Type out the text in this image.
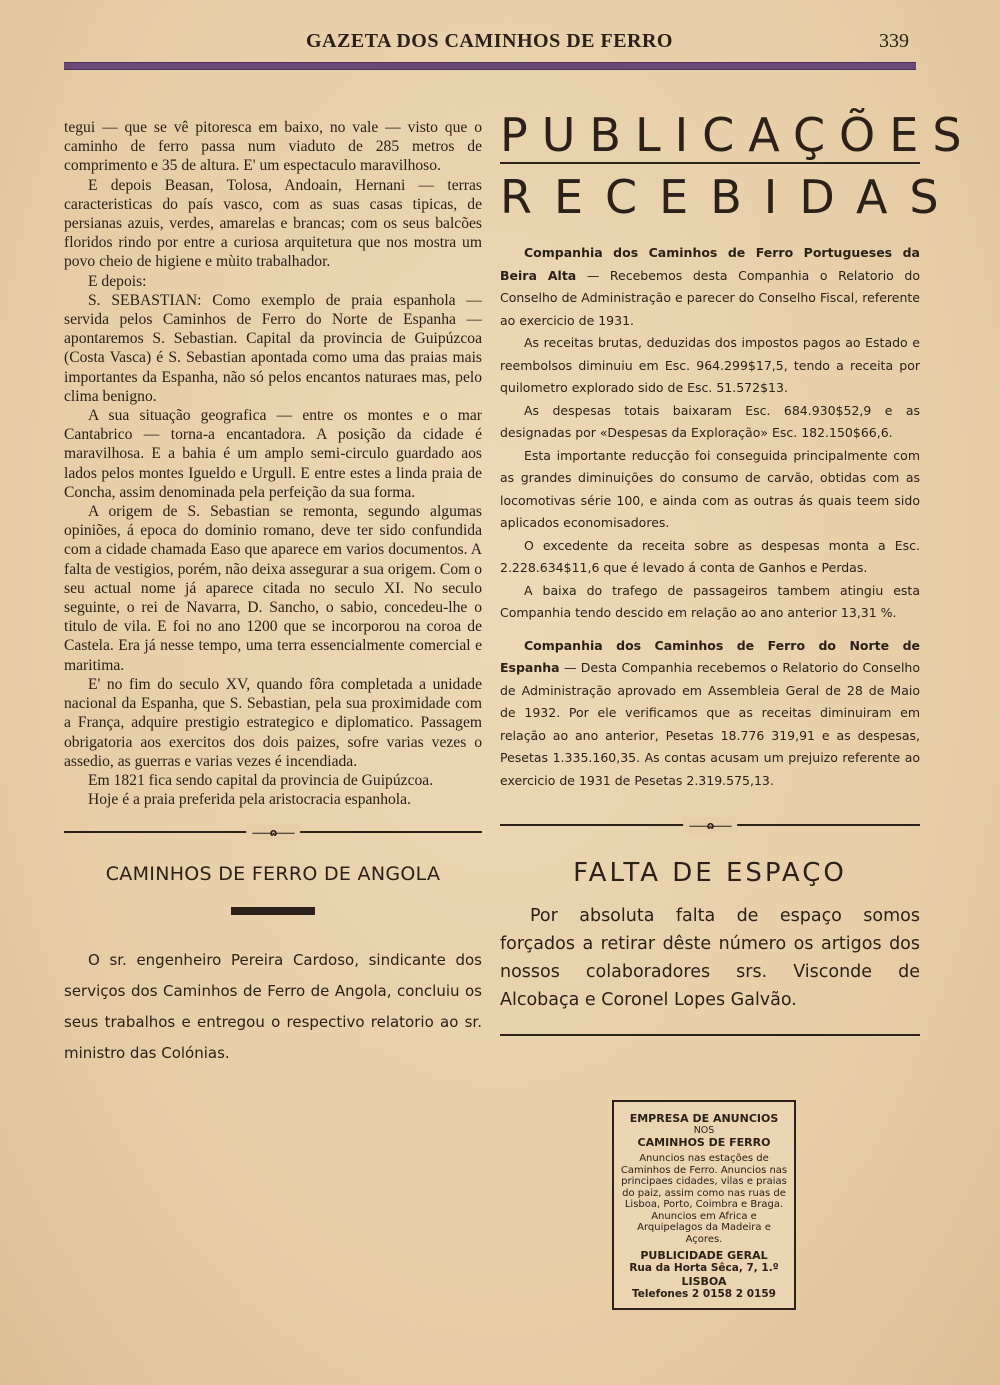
GAZETA DOS CAMINHOS DE FERRO	339

tegui — que se vê pitoresca em baixo, no vale — visto que o caminho de ferro passa num viaduto de 285 metros de comprimento e 35 de altura. E' um espectaculo maravilhoso.

E depois Beasan, Tolosa, Andoain, Hernani — terras caracteristicas do país vasco, com as suas casas tipicas, de persianas azuis, verdes, amarelas e brancas; com os seus balcões floridos rindo por entre a curiosa arquitetura que nos mostra um povo cheio de higiene e mùito trabalhador.

E depois:

S. SEBASTIAN: Como exemplo de praia espanhola — servida pelos Caminhos de Ferro do Norte de Espanha — apontaremos S. Sebastian. Capital da provincia de Guipúzcoa (Costa Vasca) é S. Sebastian apontada como uma das praias mais importantes da Espanha, não só pelos encantos naturaes mas, pelo clima benigno.

A sua situação geografica — entre os montes e o mar Cantabrico — torna-a encantadora. A posição da cidade é maravilhosa. E a bahia é um amplo semi-circulo guardado aos lados pelos montes Igueldo e Urgull. E entre estes a linda praia de Concha, assim denominada pela perfeição da sua forma.

A origem de S. Sebastian se remonta, segundo algumas opiniões, á epoca do dominio romano, deve ter sido confundida com a cidade chamada Easo que aparece em varios documentos. A falta de vestigios, porém, não deixa assegurar a sua origem. Com o seu actual nome já aparece citada no seculo XI. No seculo seguinte, o rei de Navarra, D. Sancho, o sabio, concedeu-lhe o titulo de vila. E foi no ano 1200 que se incorporou na coroa de Castela. Era já nesse tempo, uma terra essencialmente comercial e maritima.

E' no fim do seculo XV, quando fôra completada a unidade nacional da Espanha, que S. Sebastian, pela sua proximidade com a França, adquire prestigio estrategico e diplomatico. Passagem obrigatoria aos exercitos dos dois paizes, sofre varias vezes o assedio, as guerras e varias vezes é incendiada.

Em 1821 fica sendo capital da provincia de Guipúzcoa.

Hoje é a praia preferida pela aristocracia espanhola.

⸺ɷ⸺
CAMINHOS DE FERRO DE ANGOLA

O sr. engenheiro Pereira Cardoso, sindicante dos serviços dos Caminhos de Ferro de Angola, concluiu os seus trabalhos e entregou o respectivo relatorio ao sr. ministro das Colónias.

PUBLICAÇÕES
RECEBIDAS

Companhia dos Caminhos de Ferro Portugueses da Beira Alta — Recebemos desta Companhia o Relatorio do Conselho de Administração e parecer do Conselho Fiscal, referente ao exercicio de 1931.

As receitas brutas, deduzidas dos impostos pagos ao Estado e reembolsos diminuiu em Esc. 964.299$17,5, tendo a receita por quilometro explorado sido de Esc. 51.572$13.

As despesas totais baixaram Esc. 684.930$52,9 e as designadas por «Despesas da Exploração» Esc. 182.150$66,6.

Esta importante reducção foi conseguida principalmente com as grandes diminuições do consumo de carvão, obtidas com as locomotivas série 100, e ainda com as outras ás quais teem sido aplicados economisadores.

O excedente da receita sobre as despesas monta a Esc. 2.228.634$11,6 que é levado á conta de Ganhos e Perdas.

A baixa do trafego de passageiros tambem atingiu esta Companhia tendo descido em relação ao ano anterior 13,31 %.

Companhia dos Caminhos de Ferro do Norte de Espanha — Desta Companhia recebemos o Relatorio do Conselho de Administração aprovado em Assembleia Geral de 28 de Maio de 1932. Por ele verificamos que as receitas diminuiram em relação ao ano anterior, Pesetas 18.776 319,91 e as despesas, Pesetas 1.335.160,35. As contas acusam um prejuizo referente ao exercicio de 1931 de Pesetas 2.319.575,13.

⸺ɷ⸺
FALTA DE ESPAÇO

Por absoluta falta de espaço somos forçados a retirar dêste número os artigos dos nossos colaboradores srs. Visconde de Alcobaça e Coronel Lopes Galvão.

EMPRESA DE ANUNCIOS
NOS
CAMINHOS DE FERRO
Anuncios nas estações de Caminhos de Ferro. Anuncios nas principaes cidades, vilas e praias do paiz, assim como nas ruas de Lisboa, Porto, Coimbra e Braga. Anuncios em Africa e Arquipelagos da Madeira e Açores.
PUBLICIDADE GERAL
Rua da Horta Sêca, 7, 1.º
LISBOA
Telefones 2 0158 2 0159
